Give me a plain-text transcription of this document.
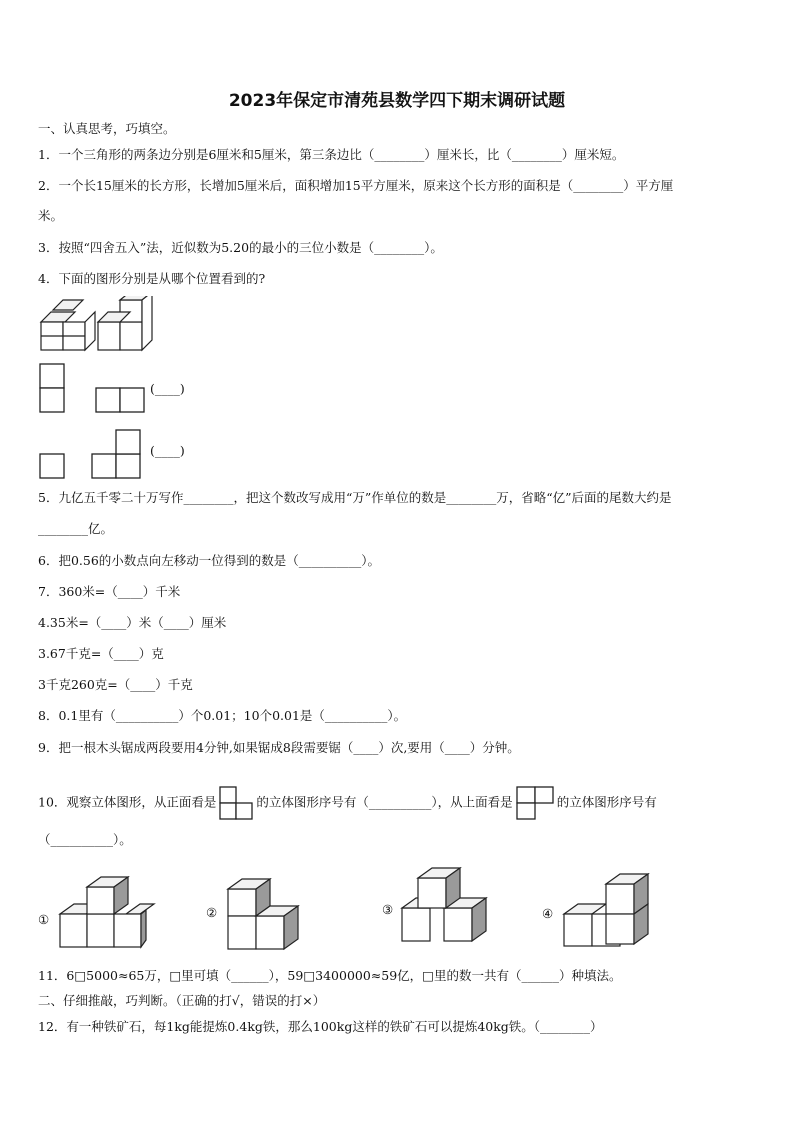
2023年保定市清苑县数学四下期末调研试题
一、认真思考，巧填空。
1．一个三角形的两条边分别是6厘米和5厘米，第三条边比（________）厘米长，比（________）厘米短。
2．一个长15厘米的长方形，长增加5厘米后，面积增加15平方厘米，原来这个长方形的面积是（________）平方厘
米。
3．按照“四舍五入”法，近似数为5.20的最小的三位小数是（________）。
4．下面的图形分别是从哪个位置看到的?
(____)
(____)
5．九亿五千零二十万写作________，把这个数改写成用“万”作单位的数是________万，省略“亿”后面的尾数大约是
________亿。
6．把0.56的小数点向左移动一位得到的数是（__________）。
7．360米=（____）千米
4.35米=（____）米（____）厘米
3.67千克=（____）克
3千克260克=（____）千克
8．0.1里有（__________）个0.01；10个0.01是（__________）。
9．把一根木头锯成两段要用4分钟,如果锯成8段需要锯（____）次,要用（____）分钟。
10．观察立体图形，从正面看是	的立体图形序号有（__________），从上面看是	的立体图形序号有
（__________）。
①	②	③	④
11．6□5000≈65万，□里可填（______），59□3400000≈59亿，□里的数一共有（______）种填法。
二、仔细推敲，巧判断。（正确的打√，错误的打×）
12．有一种铁矿石，每1kg能提炼0.4kg铁，那么100kg这样的铁矿石可以提炼40kg铁。（________）
